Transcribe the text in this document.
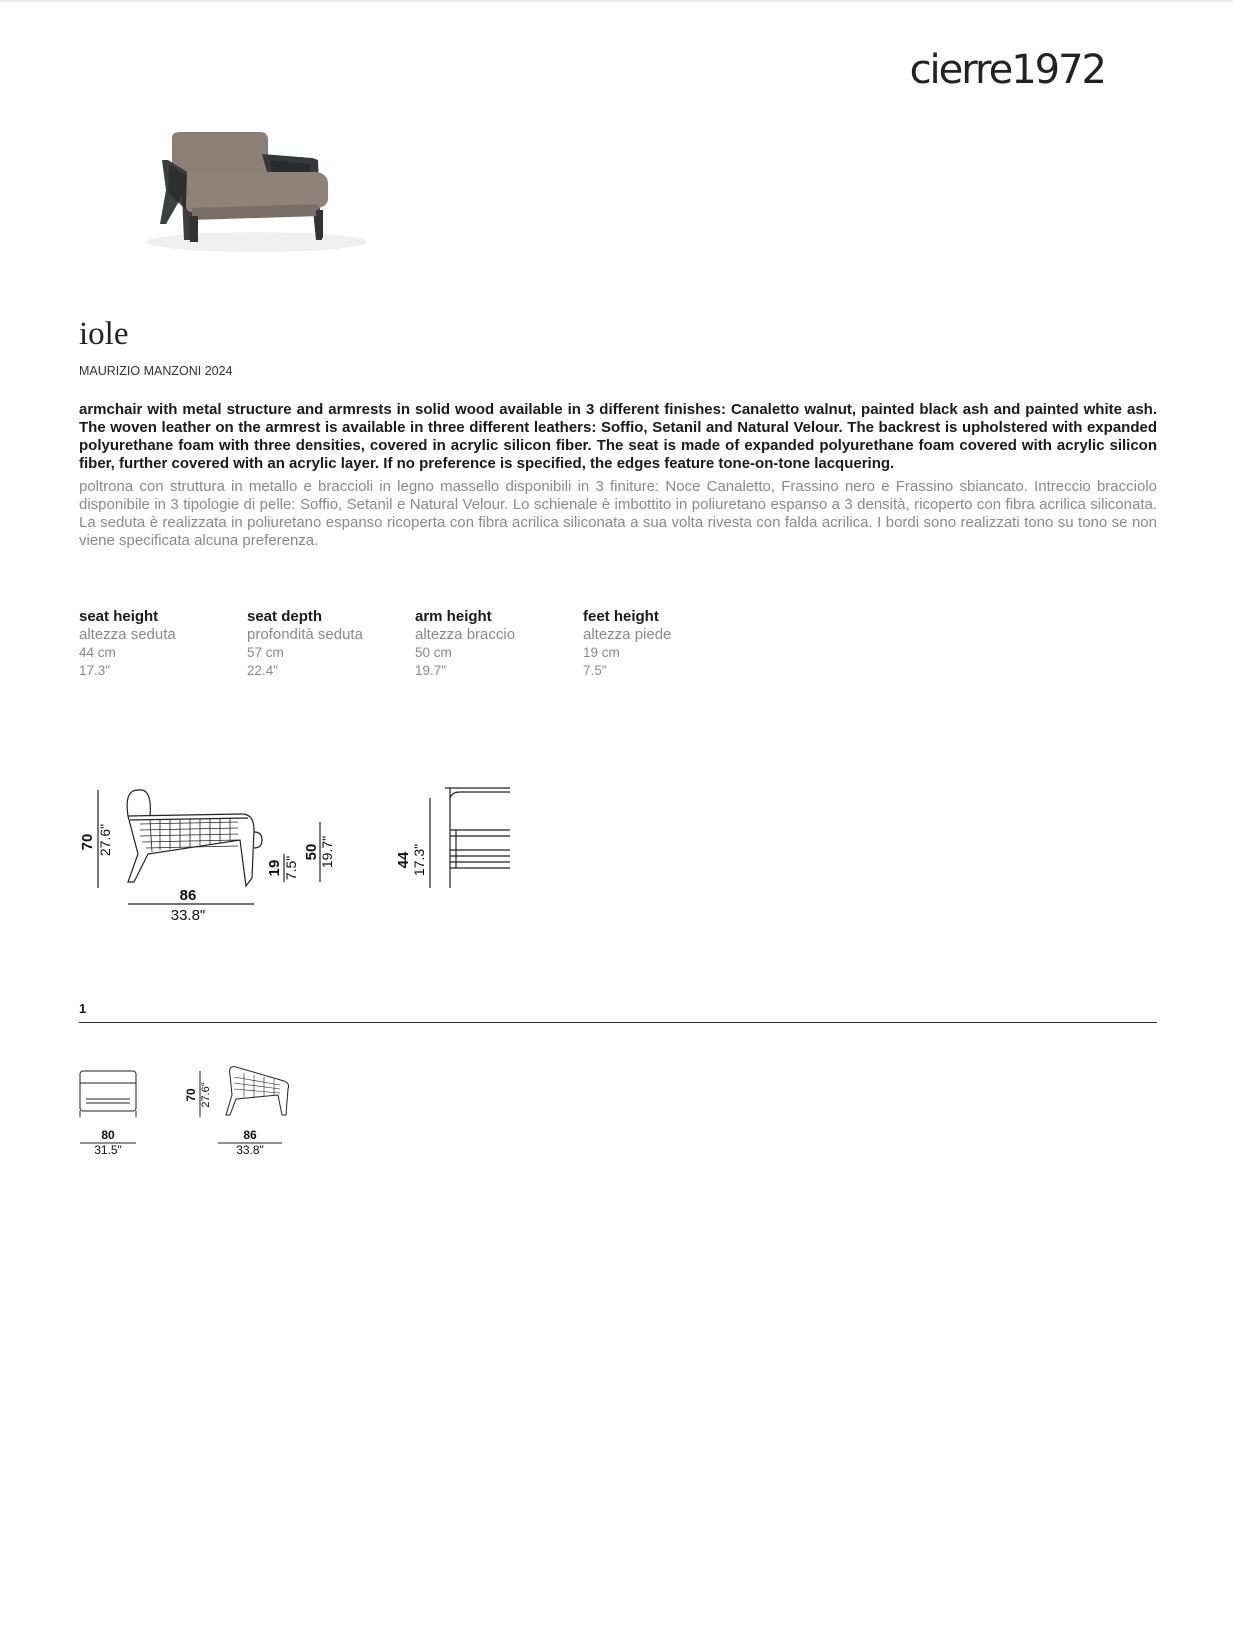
cierre1972
iole
MAURIZIO MANZONI 2024

armchair with metal structure and armrests in solid wood available in 3 different finishes: Canaletto walnut, painted black ash and painted white ash. The woven leather on the armrest is available in three different leathers: Soffio, Setanil and Natural Velour. The backrest is upholstered with expanded polyurethane foam with three densities, covered in acrylic silicon fiber. The seat is made of expanded polyurethane foam covered with acrylic silicon fiber, further covered with an acrylic layer. If no preference is specified, the edges feature tone-on-tone lacquering.

poltrona con struttura in metallo e braccioli in legno massello disponibili in 3 finiture: Noce Canaletto, Frassino nero e Frassino sbiancato. Intreccio bracciolo disponibile in 3 tipologie di pelle: Soffio, Setanil e Natural Velour. Lo schienale è imbottito in poliuretano espanso a 3 densità, ricoperto con fibra acrilica siliconata. La seduta è realizzata in poliuretano espanso ricoperta con fibra acrilica siliconata a sua volta rivesta con falda acrilica. I bordi sono realizzati tono su tono se non viene specificata alcuna preferenza.

seat height
altezza seduta
44 cm
17.3"
seat depth
profondità seduta
57 cm
22.4"
arm height
altezza braccio
50 cm
19.7"
feet height
altezza piede
19 cm
7.5"
70 27.6"
86
33.8"
19 7.5"
50 19.7"	44 17.3"
1
80
31.5"
70 27.6"
86
33.8"
